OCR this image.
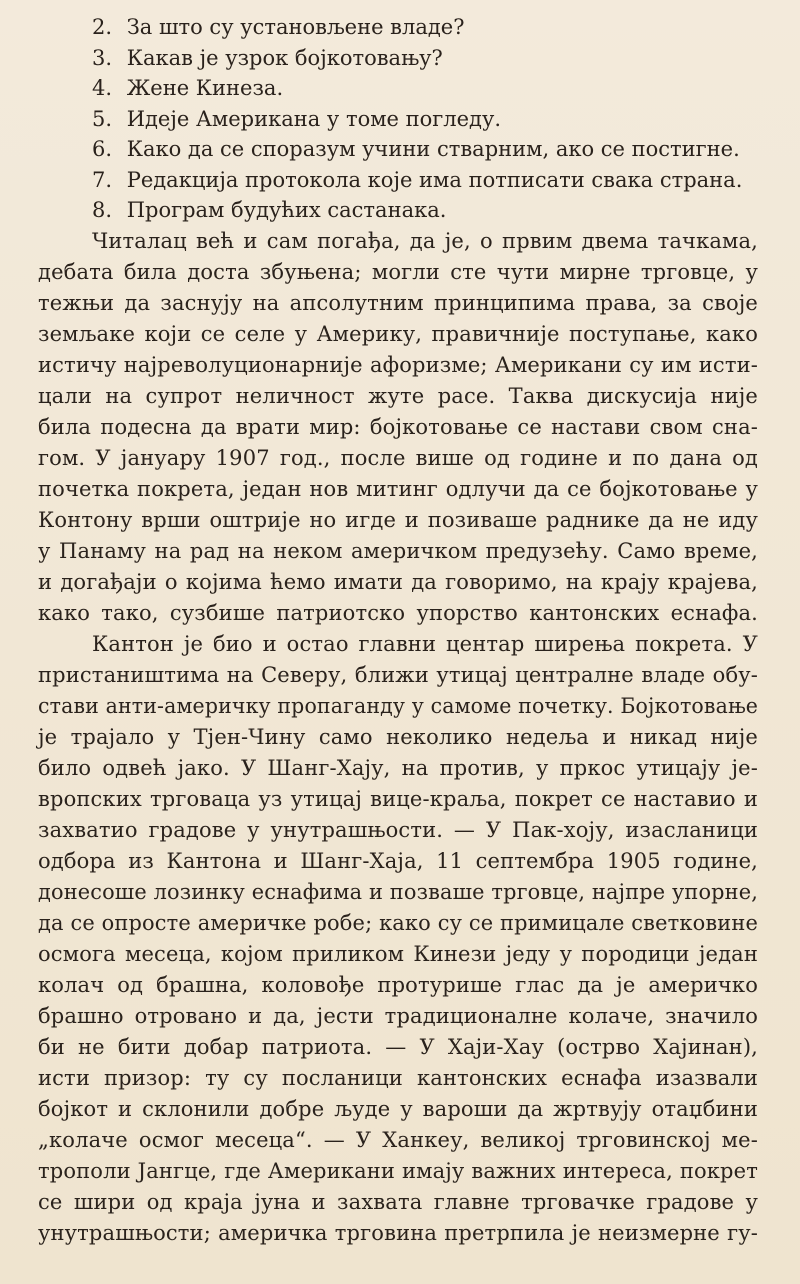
2. За што су установљене владе?
3. Какав је узрок бојкотовању?
4. Жене Кинеза.
5. Идеје Американа у томе погледу.
6. Како да се споразум учини стварним, ако се постигне.
7. Редакција протокола које има потписати свака страна.
8. Програм будућих састанака.

Читалац већ и сам погађа, да је, о првим двема тачкама,
дебата била доста збуњена; могли сте чути мирне трговце, у
тежњи да заснују на апсолутним принципима права, за своје
земљаке који се селе у Америку, правичније поступање, како
истичу најреволуционарније афоризме; Американи су им исти-
цали на супрот неличност жуте расе. Таква дискусија није
била подесна да врати мир: бојкотовање се настави свом сна-
гом. У јануару 1907 год., после више од године и по дана од
почетка покрета, један нов митинг одлучи да се бојкотовање у
Контону врши оштрије но игде и позиваше раднике да не иду
у Панаму на рад на неком америчком предузећу. Само време,
и догађаји о којима ћемо имати да говоримо, на крају крајева,
како тако, сузбише патриотско упорство кантонских еснафа.

Кантон је био и остао главни центар ширења покрета. У
пристаништима на Северу, ближи утицај централне владе обу-
стави анти-америчку пропаганду у самоме почетку. Бојкотовање
је трајало у Тјен-Чину само неколико недеља и никад није
било одвећ јако. У Шанг-Хају, на против, у пркос утицају је-
вропских трговаца уз утицај вице-краља, покрет се наставио и
захватио градове у унутрашњости. — У Пак-хоју, изасланици
одбора из Кантона и Шанг-Хаја, 11 септембра 1905 године,
донесоше лозинку еснафима и позваше трговце, најпре упорне,
да се опросте америчке робе; како су се примицале светковине
осмога месеца, којом приликом Кинези једу у породици један
колач од брашна, коловође протурише глас да је америчко
брашно отровано и да, јести традиционалне колаче, значило
би не бити добар патриота. — У Хаји-Хау (острво Хајинан),
исти призор: ту су посланици кантонских еснафа изазвали
бојкот и склонили добре људе у вароши да жртвују отаџбини
„колаче осмог месеца“. — У Ханкеу, великој трговинској ме-
трополи Јангце, где Американи имају важних интереса, покрет
се шири од краја јуна и захвата главне трговачке градове у
унутрашњости; америчка трговина претрпила је неизмерне гу-
